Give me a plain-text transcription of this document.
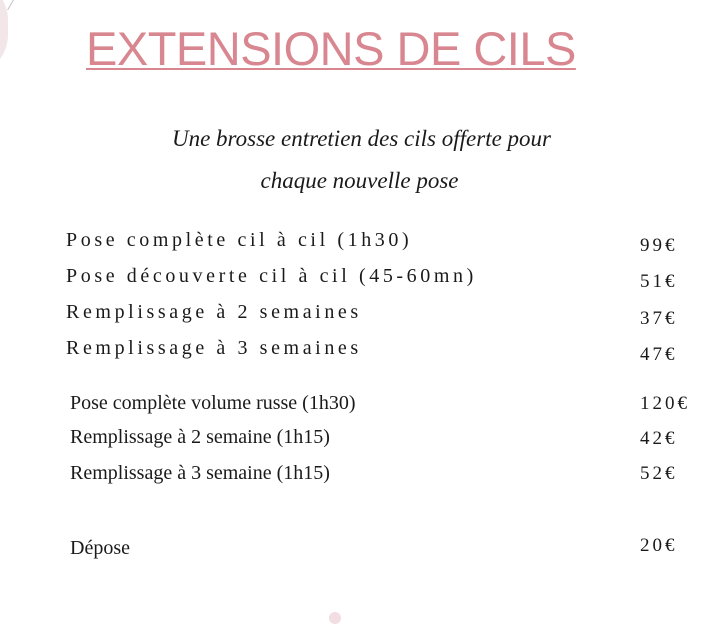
EXTENSIONS DE CILS
Une brosse entretien des cils offerte pour
chaque nouvelle pose
Pose complète cil à cil (1h30)	99€
Pose découverte cil à cil (45-60mn)	51€
Remplissage à 2 semaines	37€
Remplissage à 3 semaines	47€
Pose complète volume russe (1h30)	120€
Remplissage à 2 semaine (1h15)	42€
Remplissage à 3 semaine (1h15)	52€
Dépose	20€
